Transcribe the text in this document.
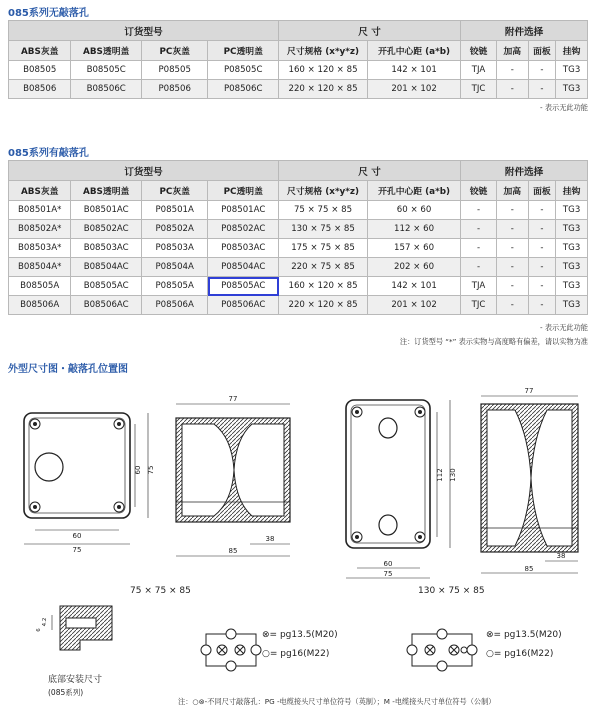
085系列无敲落孔
订货型号				尺 寸		附件选择			
ABS灰盖	ABS透明盖	PC灰盖	PC透明盖	尺寸规格 (x*y*z)	开孔中心距 (a*b)	铰链	加高	面板	挂钩
B08505	B08505C	P08505	P08505C	160 × 120 × 85	142 × 101	TJA	-	-	TG3
B08506	B08506C	P08506	P08506C	220 × 120 × 85	201 × 102	TJC	-	-	TG3
- 表示无此功能
085系列有敲落孔
订货型号				尺 寸		附件选择			
ABS灰盖	ABS透明盖	PC灰盖	PC透明盖	尺寸规格 (x*y*z)	开孔中心距 (a*b)	铰链	加高	面板	挂钩
B08501A*	B08501AC	P08501A	P08501AC	75 × 75 × 85	60 × 60	-	-	-	TG3
B08502A*	B08502AC	P08502A	P08502AC	130 × 75 × 85	112 × 60	-	-	-	TG3
B08503A*	B08503AC	P08503A	P08503AC	175 × 75 × 85	157 × 60	-	-	-	TG3
B08504A*	B08504AC	P08504A	P08504AC	220 × 75 × 85	202 × 60	-	-	-	TG3
B08505A	B08505AC	P08505A	P08505AC	160 × 120 × 85	142 × 101	TJA	-	-	TG3
B08506A	B08506AC	P08506A	P08506AC	220 × 120 × 85	201 × 102	TJC	-	-	TG3
- 表示无此功能
注：订货型号 “*” 表示实物与高度略有偏差，请以实物为准
外型尺寸图・敲落孔位置图
60 75
60
75
77
38
85
112 130
60
75
77
38
85
4.2
6
75 × 75 × 85	130 × 75 × 85
底部安装尺寸
(085系列)
⊗= pg13.5(M20)
○= pg16(M22)
⊗= pg13.5(M20)
○= pg16(M22)
注：○⊗-不同尺寸敲落孔：PG -电缆接头尺寸单位符号（英制）；M -电缆接头尺寸单位符号（公制）
